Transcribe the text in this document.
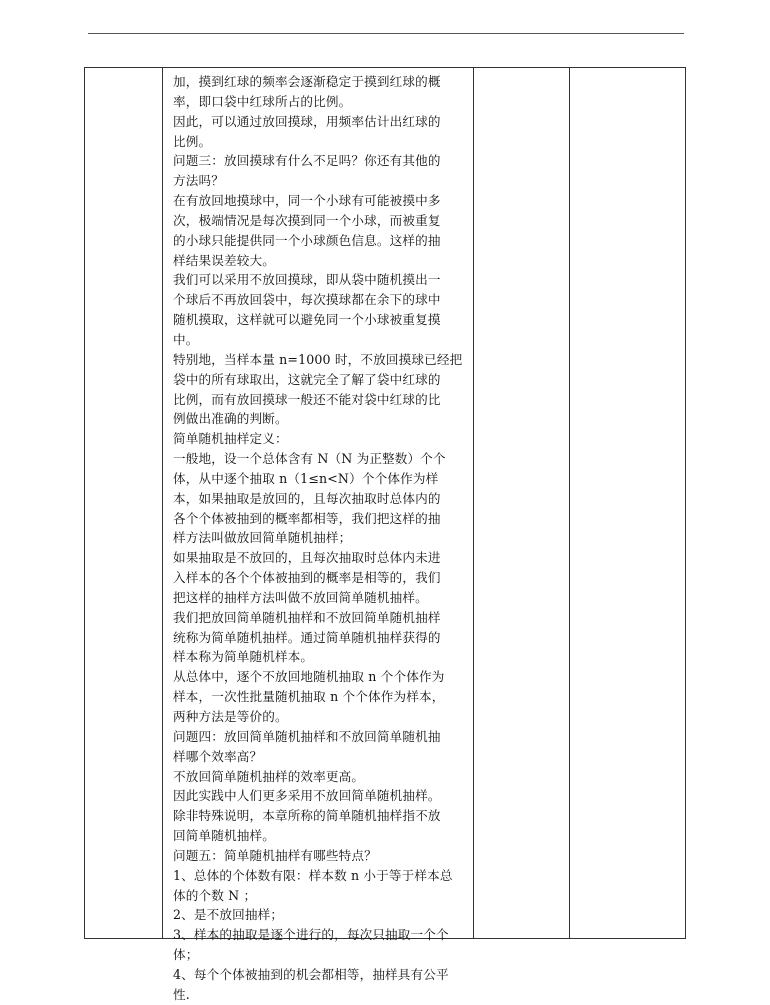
加，摸到红球的频率会逐渐稳定于摸到红球的概

率，即口袋中红球所占的比例。

因此，可以通过放回摸球，用频率估计出红球的

比例。

问题三：放回摸球有什么不足吗？你还有其他的

方法吗？

在有放回地摸球中，同一个小球有可能被摸中多

次，极端情况是每次摸到同一个小球，而被重复

的小球只能提供同一个小球颜色信息。这样的抽

样结果误差较大。

我们可以采用不放回摸球，即从袋中随机摸出一

个球后不再放回袋中，每次摸球都在余下的球中

随机摸取，这样就可以避免同一个小球被重复摸

中。

特别地，当样本量 n=1000 时，不放回摸球已经把

袋中的所有球取出，这就完全了解了袋中红球的

比例，而有放回摸球一般还不能对袋中红球的比

例做出准确的判断。

简单随机抽样定义：

一般地，设一个总体含有 N（N 为正整数）个个

体，从中逐个抽取 n（1≤n<N）个个体作为样

本，如果抽取是放回的，且每次抽取时总体内的

各个个体被抽到的概率都相等，我们把这样的抽

样方法叫做放回简单随机抽样；

如果抽取是不放回的，且每次抽取时总体内未进

入样本的各个个体被抽到的概率是相等的，我们

把这样的抽样方法叫做不放回简单随机抽样。

我们把放回简单随机抽样和不放回简单随机抽样

统称为简单随机抽样。通过简单随机抽样获得的

样本称为简单随机样本。

从总体中，逐个不放回地随机抽取 n 个个体作为

样本，一次性批量随机抽取 n 个个体作为样本，

两种方法是等价的。

问题四：放回简单随机抽样和不放回简单随机抽

样哪个效率高？

不放回简单随机抽样的效率更高。

因此实践中人们更多采用不放回简单随机抽样。

除非特殊说明，本章所称的简单随机抽样指不放

回简单随机抽样。

问题五：简单随机抽样有哪些特点？

1、总体的个体数有限：样本数 n 小于等于样本总

体的个数 N ；

2、是不放回抽样；

3、样本的抽取是逐个进行的，每次只抽取一个个

体；

4、每个个体被抽到的机会都相等，抽样具有公平

性.
